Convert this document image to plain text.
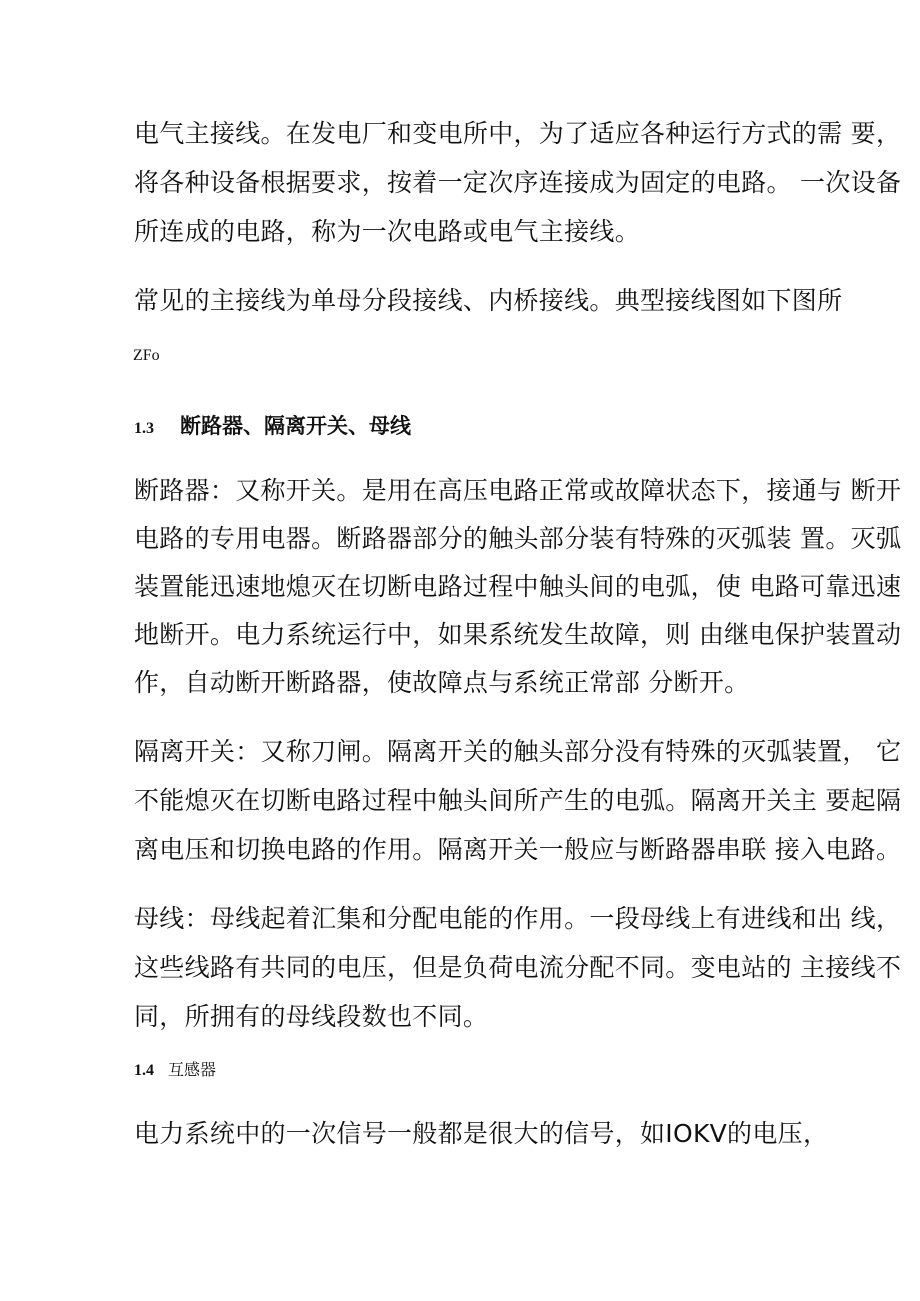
电气主接线。在发电厂和变电所中，为了适应各种运行方式的需 要，
将各种设备根据要求，按着一定次序连接成为固定的电路。 一次设备
所连成的电路，称为一次电路或电气主接线。
常见的主接线为单母分段接线、内桥接线。典型接线图如下图所
ZFo
1.3 断路器、隔离开关、母线
断路器：又称开关。是用在高压电路正常或故障状态下，接通与 断开
电路的专用电器。断路器部分的触头部分装有特殊的灭弧装 置。灭弧
装置能迅速地熄灭在切断电路过程中触头间的电弧，使 电路可靠迅速
地断开。电力系统运行中，如果系统发生故障，则 由继电保护装置动
作，自动断开断路器，使故障点与系统正常部 分断开。
隔离开关：又称刀闸。隔离开关的触头部分没有特殊的灭弧装置， 它
不能熄灭在切断电路过程中触头间所产生的电弧。隔离开关主 要起隔
离电压和切换电路的作用。隔离开关一般应与断路器串联 接入电路。
母线：母线起着汇集和分配电能的作用。一段母线上有进线和出 线，
这些线路有共同的电压，但是负荷电流分配不同。变电站的 主接线不
同，所拥有的母线段数也不同。
1.4 互感器
电力系统中的一次信号一般都是很大的信号，如IOKV的电压，
